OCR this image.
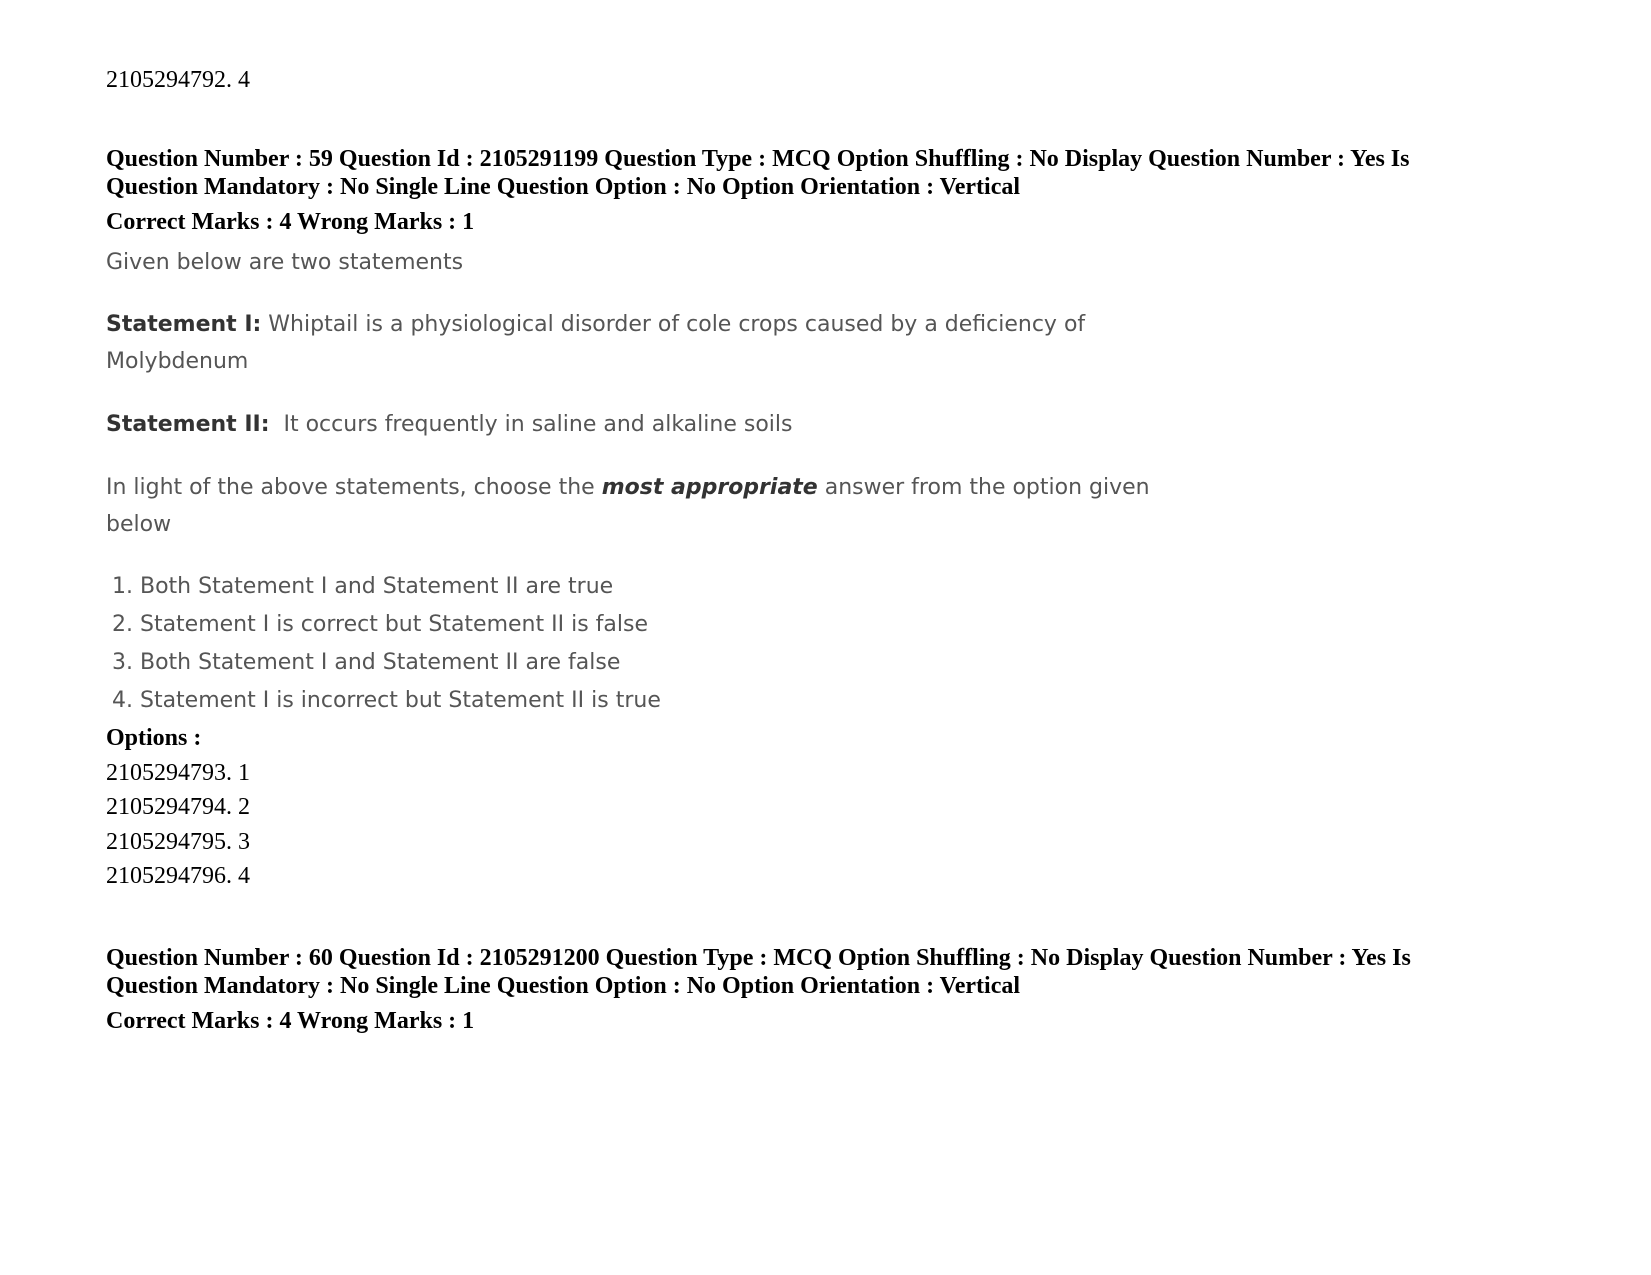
2105294792. 4
Question Number : 59 Question Id : 2105291199 Question Type : MCQ Option Shuffling : No Display Question Number : Yes Is
Question Mandatory : No Single Line Question Option : No Option Orientation : Vertical
Correct Marks : 4 Wrong Marks : 1
Given below are two statements
Statement I: Whiptail is a physiological disorder of cole crops caused by a deficiency of
Molybdenum
Statement II:  It occurs frequently in saline and alkaline soils
In light of the above statements, choose the most appropriate answer from the option given
below
1. Both Statement I and Statement II are true
2. Statement I is correct but Statement II is false
3. Both Statement I and Statement II are false
4. Statement I is incorrect but Statement II is true
Options :
2105294793. 1
2105294794. 2
2105294795. 3
2105294796. 4
Question Number : 60 Question Id : 2105291200 Question Type : MCQ Option Shuffling : No Display Question Number : Yes Is
Question Mandatory : No Single Line Question Option : No Option Orientation : Vertical
Correct Marks : 4 Wrong Marks : 1
